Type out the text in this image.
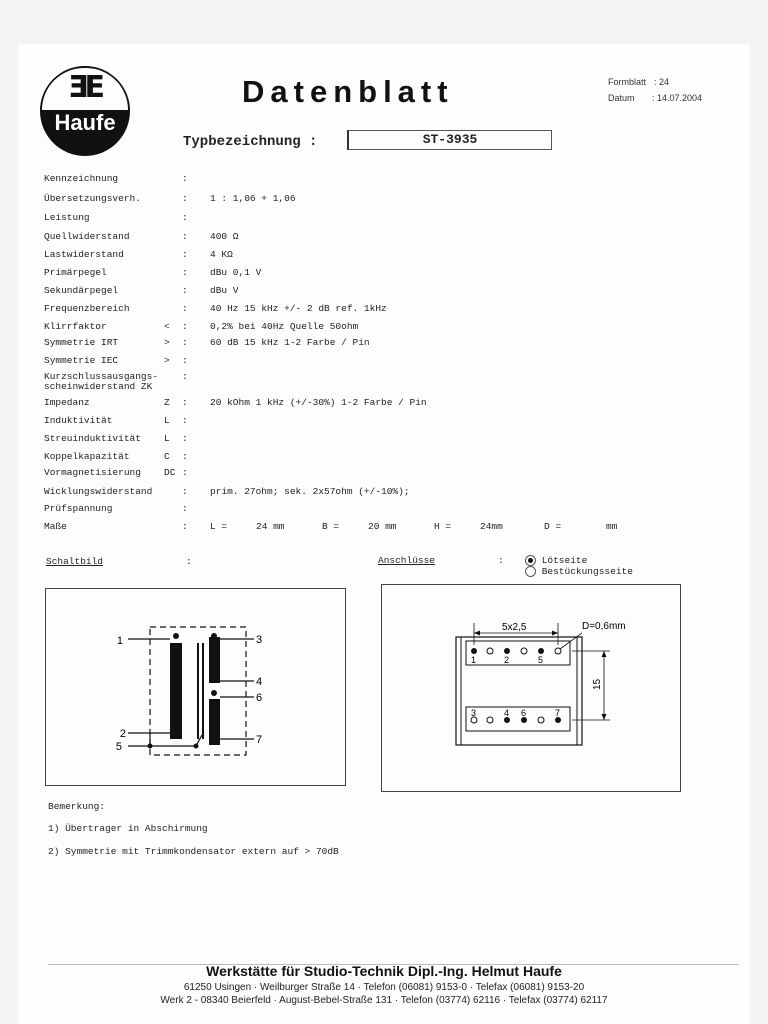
ƎE
Haufe
Datenblatt	Formblatt : 24
Datum : 14.07.2004
Typbezeichnung :	ST-3935
Kennzeichnung	:
Übersetzungsverh.	: 1 : 1,06 + 1,06
Leistung	:
Quellwiderstand	: 400 Ω
Lastwiderstand	: 4 KΩ
Primärpegel	: dBu 0,1 V
Sekundärpegel	: dBu V
Frequenzbereich	: 40 Hz 15 kHz +/- 2 dB ref. 1kHz
Klirrfaktor	<	: 0,2% bei 40Hz Quelle 50ohm
Symmetrie IRT	>	: 60 dB 15 kHz 1-2 Farbe / Pin
Symmetrie IEC	>	:
Kurzschlussausgangs-	:
scheinwiderstand ZK
Impedanz	Z	: 20 kOhm 1 kHz (+/-30%) 1-2 Farbe / Pin
Induktivität	L	:
Streuinduktivität L	:
Koppelkapazität	C	:
Vormagnetisierung DC :
Wicklungswiderstand	: prim. 27ohm; sek. 2x57ohm (+/-10%);
Prüfspannung	:
Maße	: L =	24 mm	B =	20 mm	H =	24mm	D =	mm
Schaltbild	:	Anschlüsse	:	Lötseite
Bestückungsseite
1
2
5
3
4
6
7
1	2	5
3	4 6	7
5x2,5	D=0,6mm
15
Bemerkung:
1) Übertrager in Abschirmung
2) Symmetrie mit Trimmkondensator extern auf > 70dB
Werkstätte für Studio-Technik Dipl.-Ing. Helmut Haufe
61250 Usingen · Weilburger Straße 14 · Telefon (06081) 9153-0 · Telefax (06081) 9153-20
Werk 2 - 08340 Beierfeld · August-Bebel-Straße 131 · Telefon (03774) 62116 · Telefax (03774) 62117
